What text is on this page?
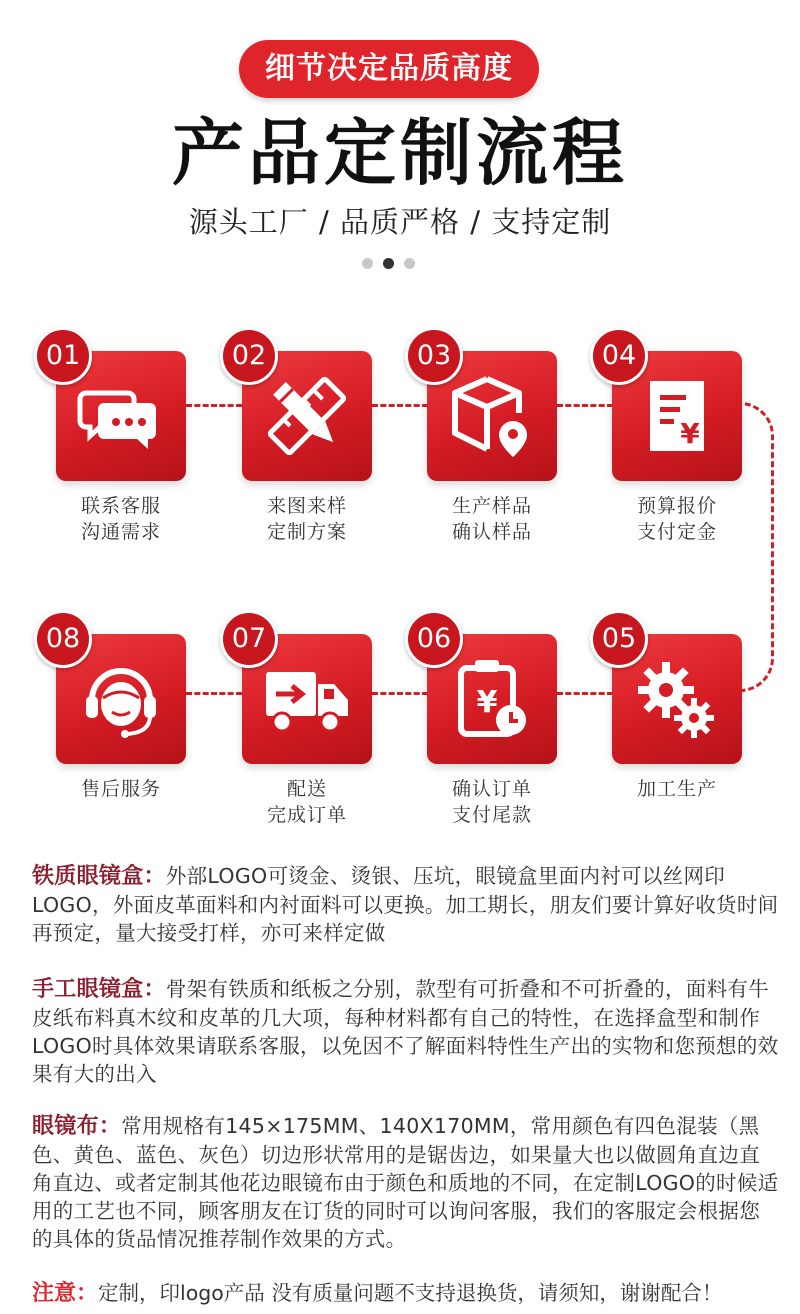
细节决定品质高度
产品定制流程
源头工厂 / 品质严格 / 支持定制
01
联系客服
沟通需求
02
来图来样
定制方案
03
生产样品
确认样品
¥
04
预算报价
支付定金
08
售后服务
07
配送
完成订单
¥
06
确认订单
支付尾款
05
加工生产
铁质眼镜盒：外部LOGO可烫金、烫银、压坑，眼镜盒里面内衬可以丝网印LOGO，外面皮革面料和内衬面料可以更换。加工期长，朋友们要计算好收货时间再预定，量大接受打样，亦可来样定做
手工眼镜盒：骨架有铁质和纸板之分别，款型有可折叠和不可折叠的，面料有牛皮纸布料真木纹和皮革的几大项，每种材料都有自己的特性，在选择盒型和制作LOGO时具体效果请联系客服，以免因不了解面料特性生产出的实物和您预想的效果有大的出入
眼镜布：常用规格有145×175MM、140X170MM，常用颜色有四色混装（黑色、黄色、蓝色、灰色）切边形状常用的是锯齿边，如果量大也以做圆角直边直角直边、或者定制其他花边眼镜布由于颜色和质地的不同，在定制LOGO的时候适用的工艺也不同，顾客朋友在订货的同时可以询问客服，我们的客服定会根据您的具体的货品情况推荐制作效果的方式。
注意：定制，印logo产品 没有质量问题不支持退换货，请须知，谢谢配合！
